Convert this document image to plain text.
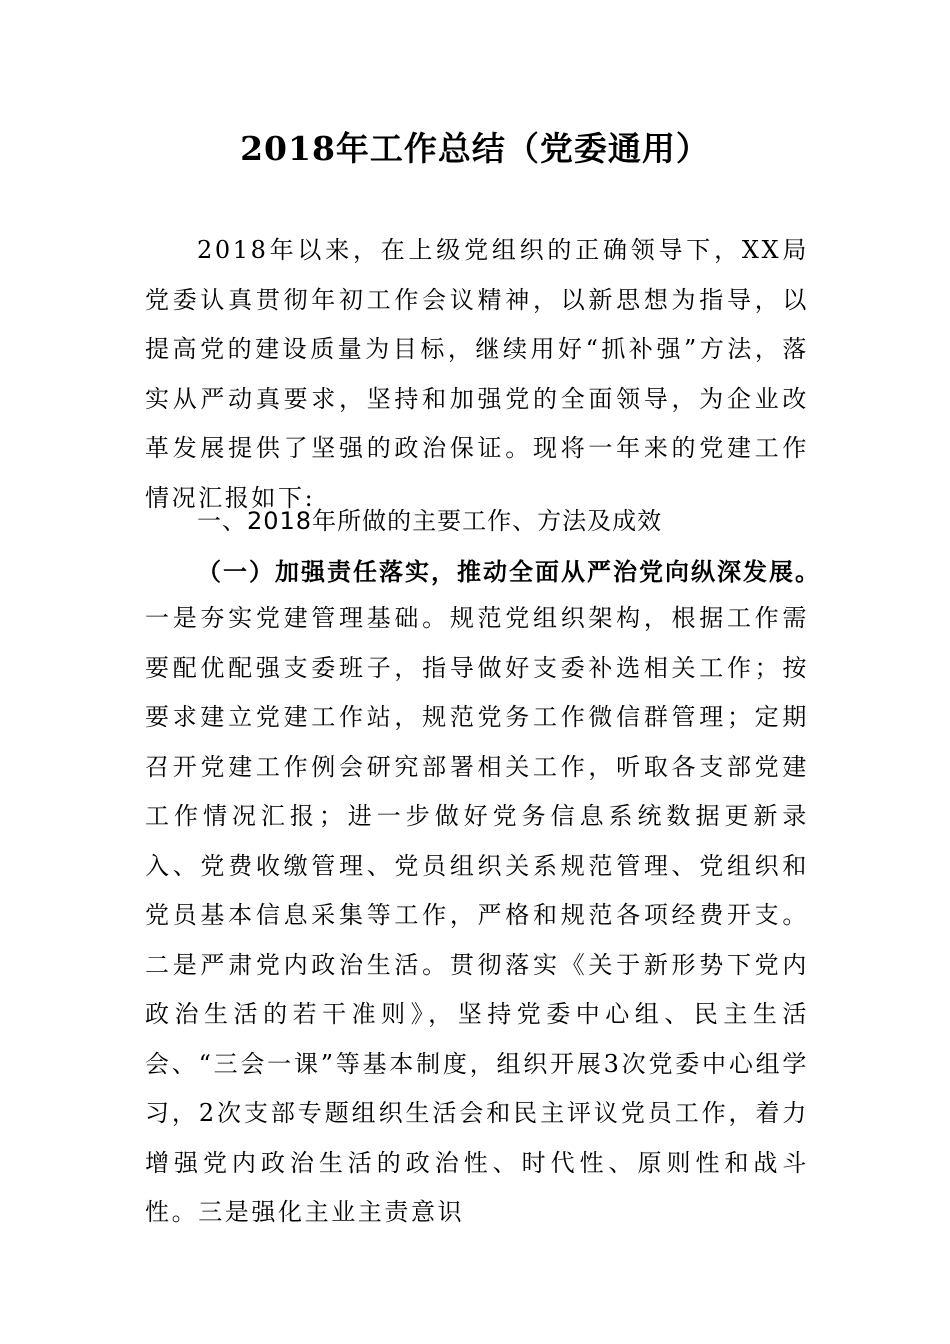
2018年工作总结（党委通用）
2018年以来，在上级党组织的正确领导下，XX局党委认真贯彻年初工作会议精神，以新思想为指导，以提高党的建设质量为目标，继续用好“抓补强”方法，落实从严动真要求，坚持和加强党的全面领导，为企业改革发展提供了坚强的政治保证。现将一年来的党建工作情况汇报如下:
一、2018年所做的主要工作、方法及成效
（一）加强责任落实，推动全面从严治党向纵深发展。
一是夯实党建管理基础。规范党组织架构，根据工作需要配优配强支委班子，指导做好支委补选相关工作；按要求建立党建工作站，规范党务工作微信群管理；定期召开党建工作例会研究部署相关工作，听取各支部党建工作情况汇报；进一步做好党务信息系统数据更新录入、党费收缴管理、党员组织关系规范管理、党组织和党员基本信息采集等工作，严格和规范各项经费开支。二是严肃党内政治生活。贯彻落实《关于新形势下党内政治生活的若干准则》，坚持党委中心组、民主生活会、“三会一课”等基本制度，组织开展3次党委中心组学习，2次支部专题组织生活会和民主评议党员工作，着力增强党内政治生活的政治性、时代性、原则性和战斗性。三是强化主业主责意识
